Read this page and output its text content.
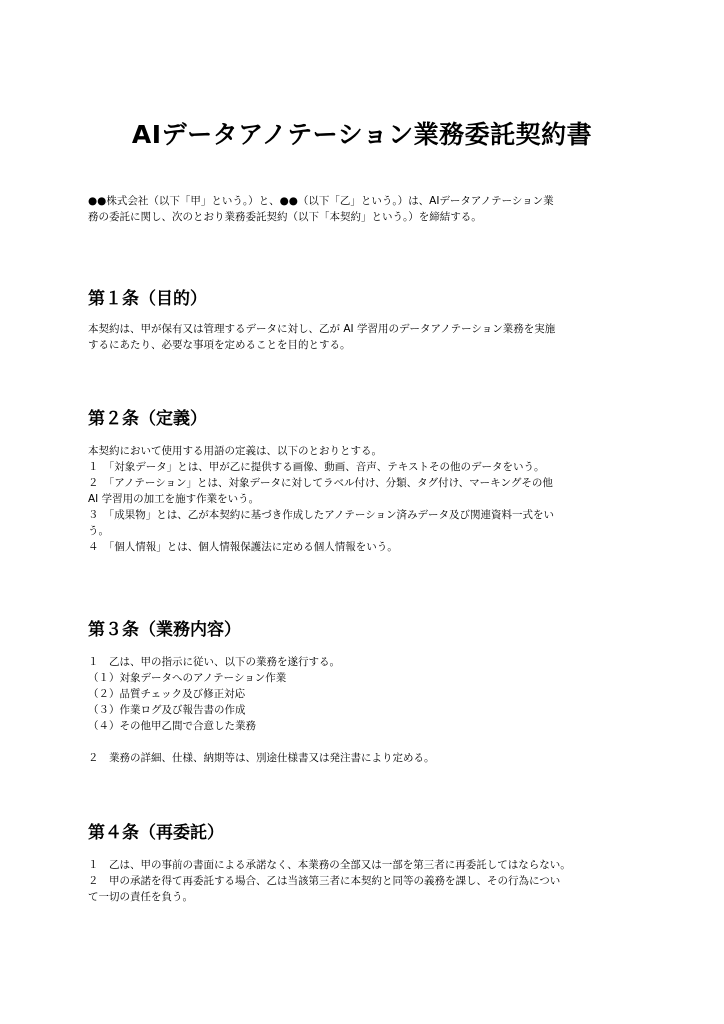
AIデータアノテーション業務委託契約書

●●株式会社（以下「甲」という。）と、●●（以下「乙」という。）は、AIデータアノテーション業

務の委託に関し、次のとおり業務委託契約（以下「本契約」という。）を締結する。

第１条（目的）

本契約は、甲が保有又は管理するデータに対し、乙が AI 学習用のデータアノテーション業務を実施

するにあたり、必要な事項を定めることを目的とする。

第２条（定義）

本契約において使用する用語の定義は、以下のとおりとする。

１　「対象データ」とは、甲が乙に提供する画像、動画、音声、テキストその他のデータをいう。

２　「アノテーション」とは、対象データに対してラベル付け、分類、タグ付け、マーキングその他

AI 学習用の加工を施す作業をいう。

３　「成果物」とは、乙が本契約に基づき作成したアノテーション済みデータ及び関連資料一式をい

う。

４　「個人情報」とは、個人情報保護法に定める個人情報をいう。

第３条（業務内容）

１　乙は、甲の指示に従い、以下の業務を遂行する。

（１）対象データへのアノテーション作業

（２）品質チェック及び修正対応

（３）作業ログ及び報告書の作成

（４）その他甲乙間で合意した業務

２　業務の詳細、仕様、納期等は、別途仕様書又は発注書により定める。

第４条（再委託）

１　乙は、甲の事前の書面による承諾なく、本業務の全部又は一部を第三者に再委託してはならない。

２　甲の承諾を得て再委託する場合、乙は当該第三者に本契約と同等の義務を課し、その行為につい

て一切の責任を負う。
